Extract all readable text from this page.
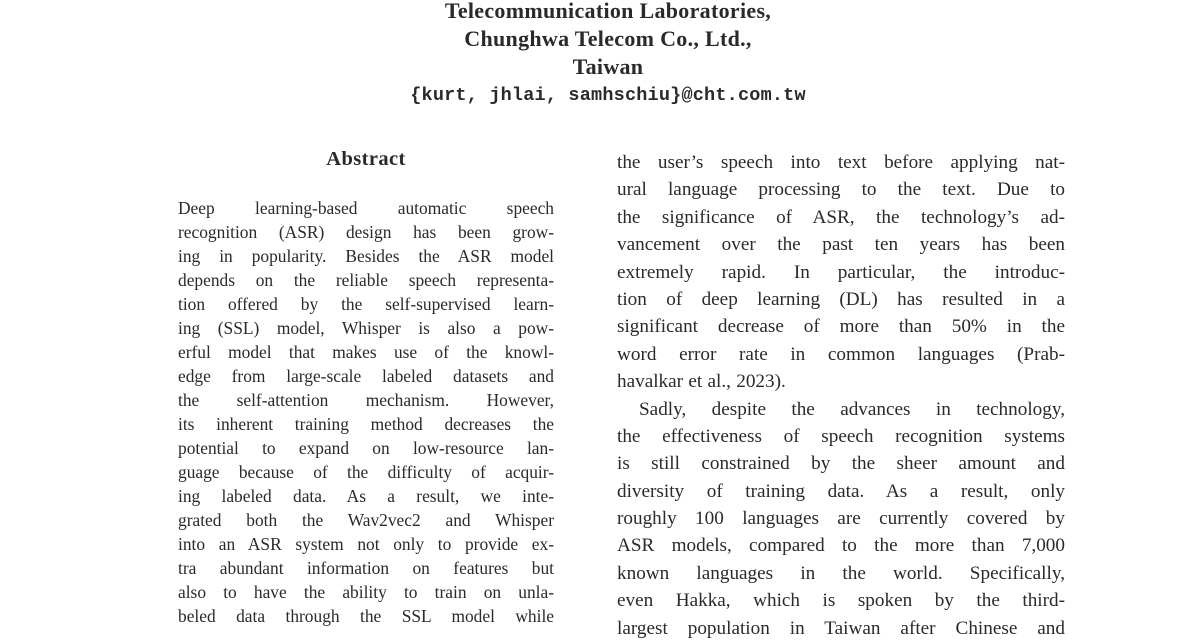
Telecommunication Laboratories,
Chunghwa Telecom Co., Ltd.,
Taiwan
{kurt, jhlai, samhschiu}@cht.com.tw
Abstract
Deep learning-based automatic speech
recognition (ASR) design has been grow-
ing in popularity. Besides the ASR model
depends on the reliable speech representa-
tion offered by the self-supervised learn-
ing (SSL) model, Whisper is also a pow-
erful model that makes use of the knowl-
edge from large-scale labeled datasets and
the self-attention mechanism. However,
its inherent training method decreases the
potential to expand on low-resource lan-
guage because of the difficulty of acquir-
ing labeled data. As a result, we inte-
grated both the Wav2vec2 and Whisper
into an ASR system not only to provide ex-
tra abundant information on features but
also to have the ability to train on unla-
beled data through the SSL model while
the user’s speech into text before applying nat-
ural language processing to the text. Due to
the significance of ASR, the technology’s ad-
vancement over the past ten years has been
extremely rapid. In particular, the introduc-
tion of deep learning (DL) has resulted in a
significant decrease of more than 50% in the
word error rate in common languages (Prab-
havalkar et al., 2023).
Sadly, despite the advances in technology,
the effectiveness of speech recognition systems
is still constrained by the sheer amount and
diversity of training data. As a result, only
roughly 100 languages are currently covered by
ASR models, compared to the more than 7,000
known languages in the world. Specifically,
even Hakka, which is spoken by the third-
largest population in Taiwan after Chinese and
